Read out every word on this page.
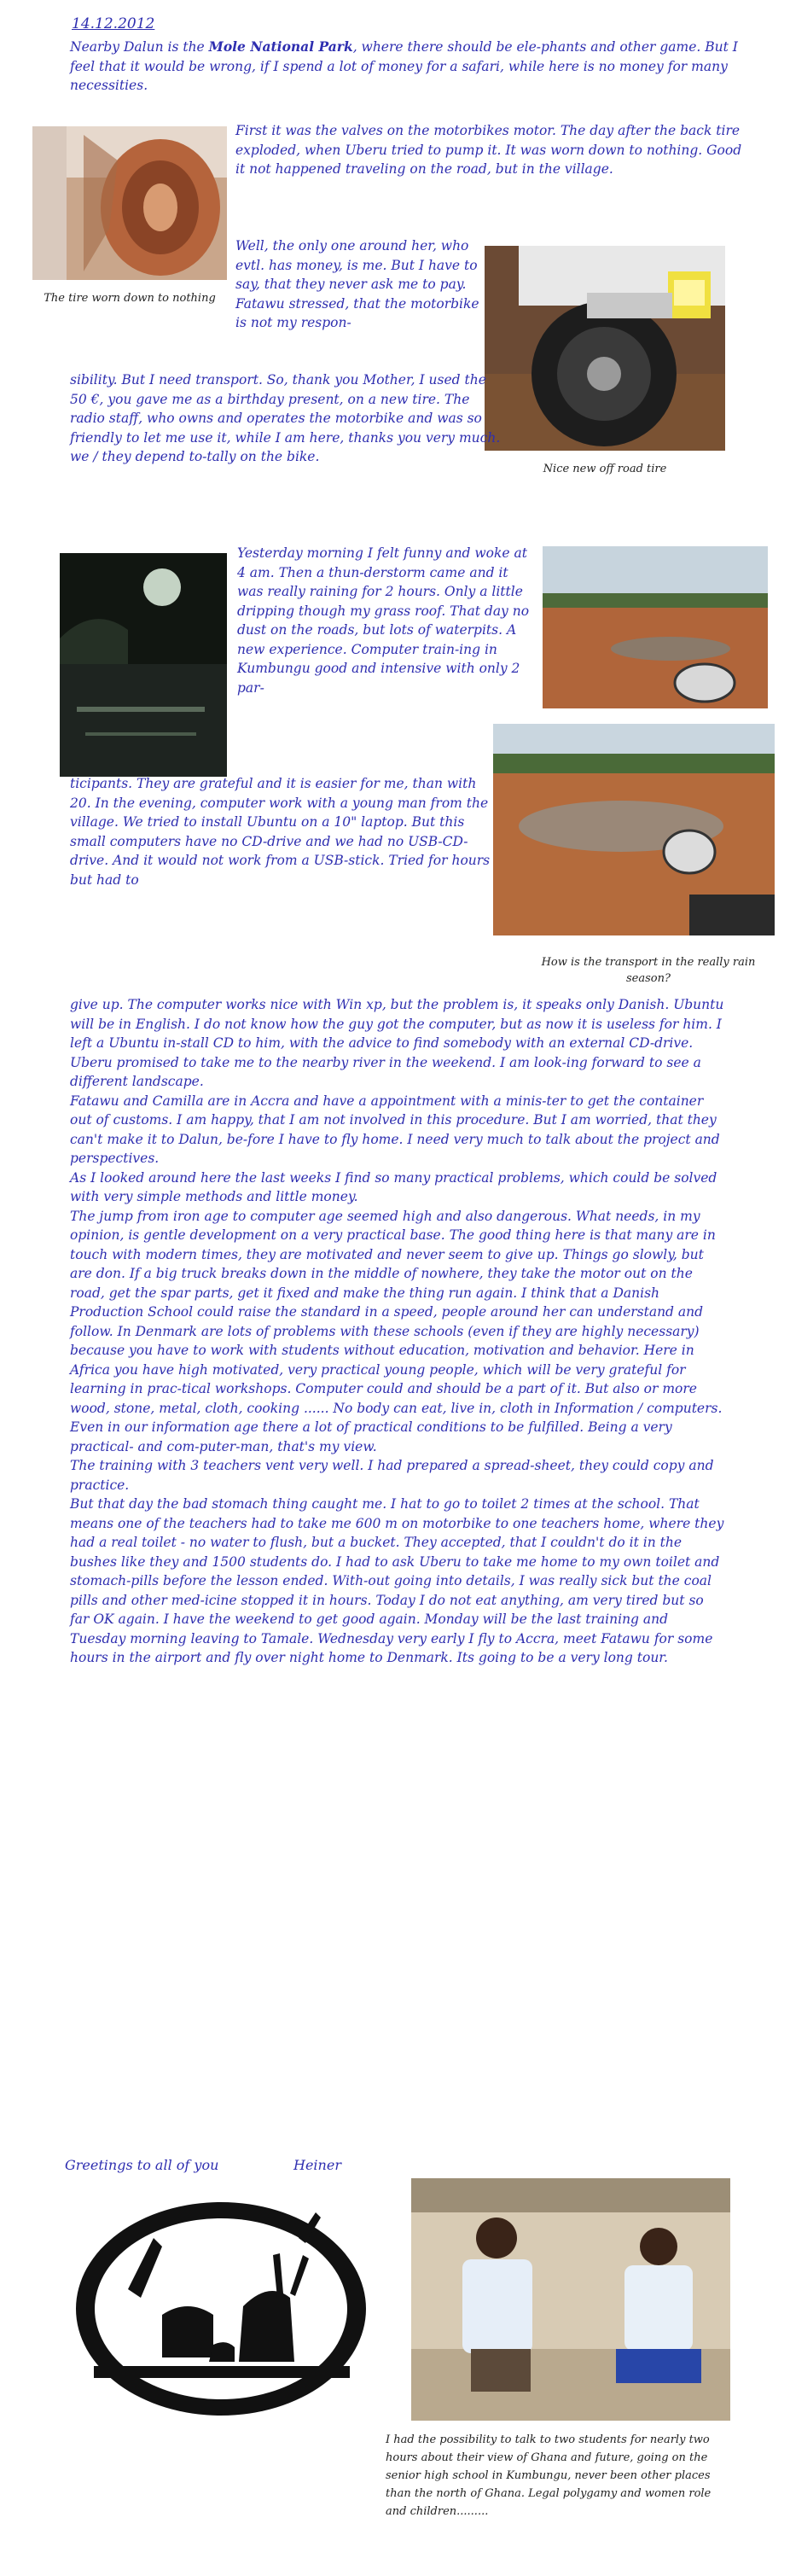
14.12.2012

Nearby Dalun is the Mole National Park, where there should be ele-phants and other game. But I feel that it would be wrong, if I spend a lot of money for a safari, while here is no money for many necessities.

The tire worn down to nothing

First it was the valves on the motorbikes motor. The day after the back tire exploded, when Uberu tried to pump it. It was worn down to nothing. Good it not happened traveling on the road, but in the village.

Well, the only one around her, who evtl. has money, is me. But I have to say, that they never ask me to pay. Fatawu stressed, that the motorbike is not my respon-

Nice new off road tire

sibility. But I need transport. So, thank you Mother, I used the 50 €, you gave me as a birthday present, on a new tire. The radio staff, who owns and operates the motorbike and was so friendly to let me use it, while I am here, thanks you very much. we / they depend to-tally on the bike.

Yesterday morning I felt funny and woke at 4 am. Then a thun-derstorm came and it was really raining for 2 hours. Only a little dripping though my grass roof. That day no dust on the roads, but lots of waterpits. A new experience. Computer train-ing in Kumbungu good and intensive with only 2 par-

How is the transport in the really rain season?

ticipants. They are grateful and it is easier for me, than with 20. In the evening, computer work with a young man from the village. We tried to install Ubuntu on a 10" laptop. But this small computers have no CD-drive and we had no USB-CD-drive. And it would not work from a USB-stick. Tried for hours but had to

give up. The computer works nice with Win xp, but the problem is, it speaks only Danish. Ubuntu will be in English. I do not know how the guy got the computer, but as now it is useless for him. I left a Ubuntu in-stall CD to him, with the advice to find somebody with an external CD-drive.
Uberu promised to take me to the nearby river in the weekend. I am look-ing forward to see a different landscape.
Fatawu and Camilla are in Accra and have a appointment with a minis-ter to get the container out of customs. I am happy, that I am not involved in this procedure. But I am worried, that they can't make it to Dalun, be-fore I have to fly home. I need very much to talk about the project and perspectives.
As I looked around here the last weeks I find so many practical problems, which could be solved with very simple methods and little money.
The jump from iron age to computer age seemed high and also dangerous. What needs, in my opinion, is gentle development on a very practical base. The good thing here is that many are in touch with modern times, they are motivated and never seem to give up. Things go slowly, but are don. If a big truck breaks down in the middle of nowhere, they take the motor out on the road, get the spar parts, get it fixed and make the thing run again. I think that a Danish Production School could raise the standard in a speed, people around her can understand and follow. In Denmark are lots of problems with these schools (even if they are highly necessary) because you have to work with students without education, motivation and behavior. Here in Africa you have high motivated, very practical young people, which will be very grateful for learning in prac-tical workshops. Computer could and should be a part of it. But also or more wood, stone, metal, cloth, cooking ...... No body can eat, live in, cloth in Information / computers. Even in our information age there a lot of practical conditions to be fulfilled. Being a very practical- and com-puter-man, that's my view.
The training with 3 teachers vent very well. I had prepared a spread-sheet, they could copy and practice.
But that day the bad stomach thing caught me. I hat to go to toilet 2 times at the school. That means one of the teachers had to take me 600 m on motorbike to one teachers home, where they had a real toilet - no water to flush, but a bucket. They accepted, that I couldn't do it in the bushes like they and 1500 students do. I had to ask Uberu to take me home to my own toilet and stomach-pills before the lesson ended. With-out going into details, I was really sick but the coal pills and other med-icine stopped it in hours. Today I do not eat anything, am very tired but so far OK again. I have the weekend to get good again. Monday will be the last training and Tuesday morning leaving to Tamale. Wednesday very early I fly to Accra, meet Fatawu for some hours in the airport and fly over night home to Denmark. Its going to be a very long tour.

Greetings to all of you	Heiner
I had the possibility to talk to two students for nearly two hours about their view of Ghana and future, going on the senior high school in Kumbungu, never been other places than the north of Ghana. Legal polygamy and women role and children.........
